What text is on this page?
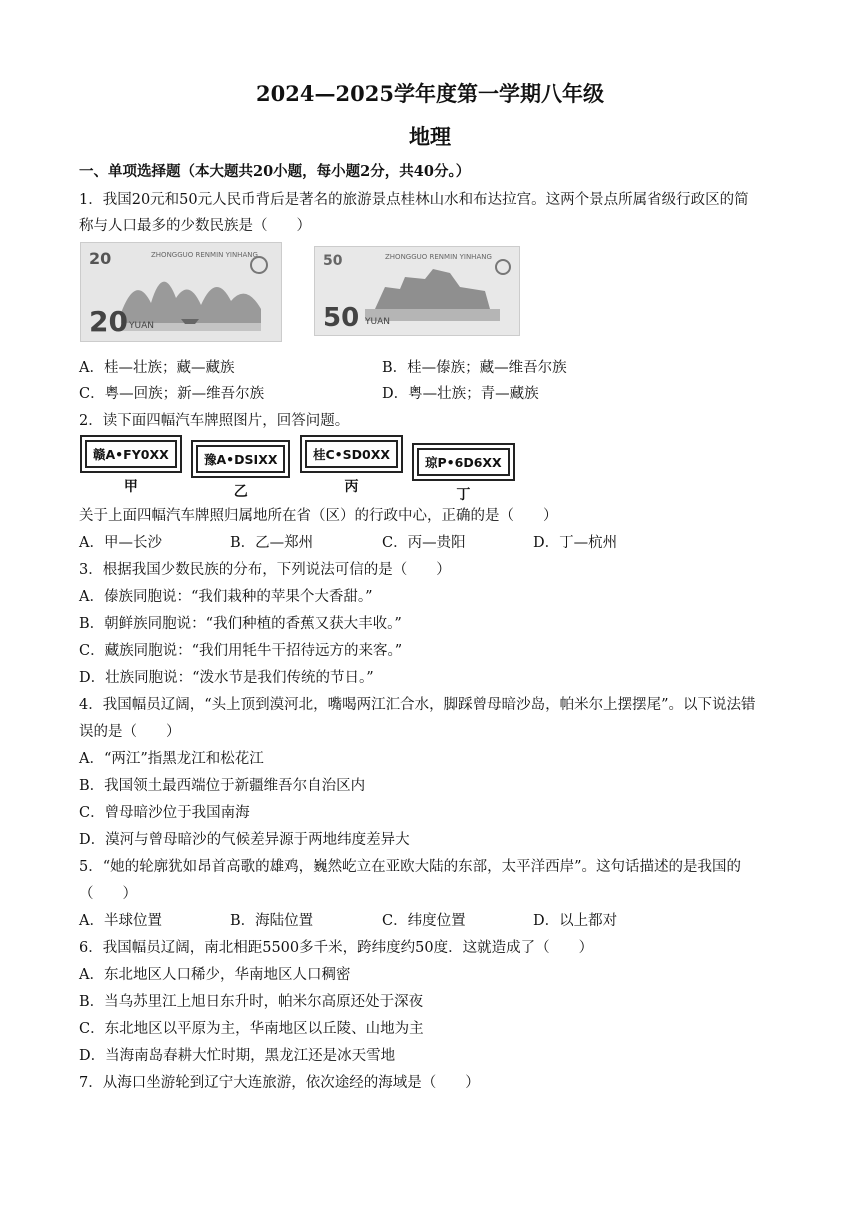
2024—2025学年度第一学期八年级
地理
一、单项选择题（本大题共20小题，每小题2分，共40分。）
1．我国20元和50元人民币背后是著名的旅游景点桂林山水和布达拉宫。这两个景点所属省级行政区的简
称与人口最多的少数民族是（　　）
20	ZHONGGUO RENMIN YINHANG
20 YUAN
50	ZHONGGUO RENMIN YINHANG
50 YUAN
A．桂—壮族；藏—藏族	B．桂—傣族；藏—维吾尔族
C．粤—回族；新—维吾尔族	D．粤—壮族；青—藏族
2．读下面四幅汽车牌照图片，回答问题。
赣A•FY0XX
甲
豫A•DSIXX
乙
桂C•SD0XX
丙
琼P•6D6XX
丁
关于上面四幅汽车牌照归属地所在省（区）的行政中心，正确的是（　　）
A．甲—长沙	B．乙—郑州	C．丙—贵阳	D．丁—杭州
3．根据我国少数民族的分布，下列说法可信的是（　　）
A．傣族同胞说：“我们栽种的苹果个大香甜。”
B．朝鲜族同胞说：“我们种植的香蕉又获大丰收。”
C．藏族同胞说：“我们用牦牛干招待远方的来客。”
D．壮族同胞说：“泼水节是我们传统的节日。”
4．我国幅员辽阔，“头上顶到漠河北，嘴喝两江汇合水，脚踩曾母暗沙岛，帕米尔上摆摆尾”。以下说法错
误的是（　　）
A．“两江”指黑龙江和松花江
B．我国领土最西端位于新疆维吾尔自治区内
C．曾母暗沙位于我国南海
D．漠河与曾母暗沙的气候差异源于两地纬度差异大
5．“她的轮廓犹如昂首高歌的雄鸡，巍然屹立在亚欧大陆的东部，太平洋西岸”。这句话描述的是我国的
（　　）
A．半球位置	B．海陆位置	C．纬度位置	D．以上都对
6．我国幅员辽阔，南北相距5500多千米，跨纬度约50度．这就造成了（　　）
A．东北地区人口稀少，华南地区人口稠密
B．当乌苏里江上旭日东升时，帕米尔高原还处于深夜
C．东北地区以平原为主，华南地区以丘陵、山地为主
D．当海南岛春耕大忙时期，黑龙江还是冰天雪地
7．从海口坐游轮到辽宁大连旅游，依次途经的海域是（　　）
